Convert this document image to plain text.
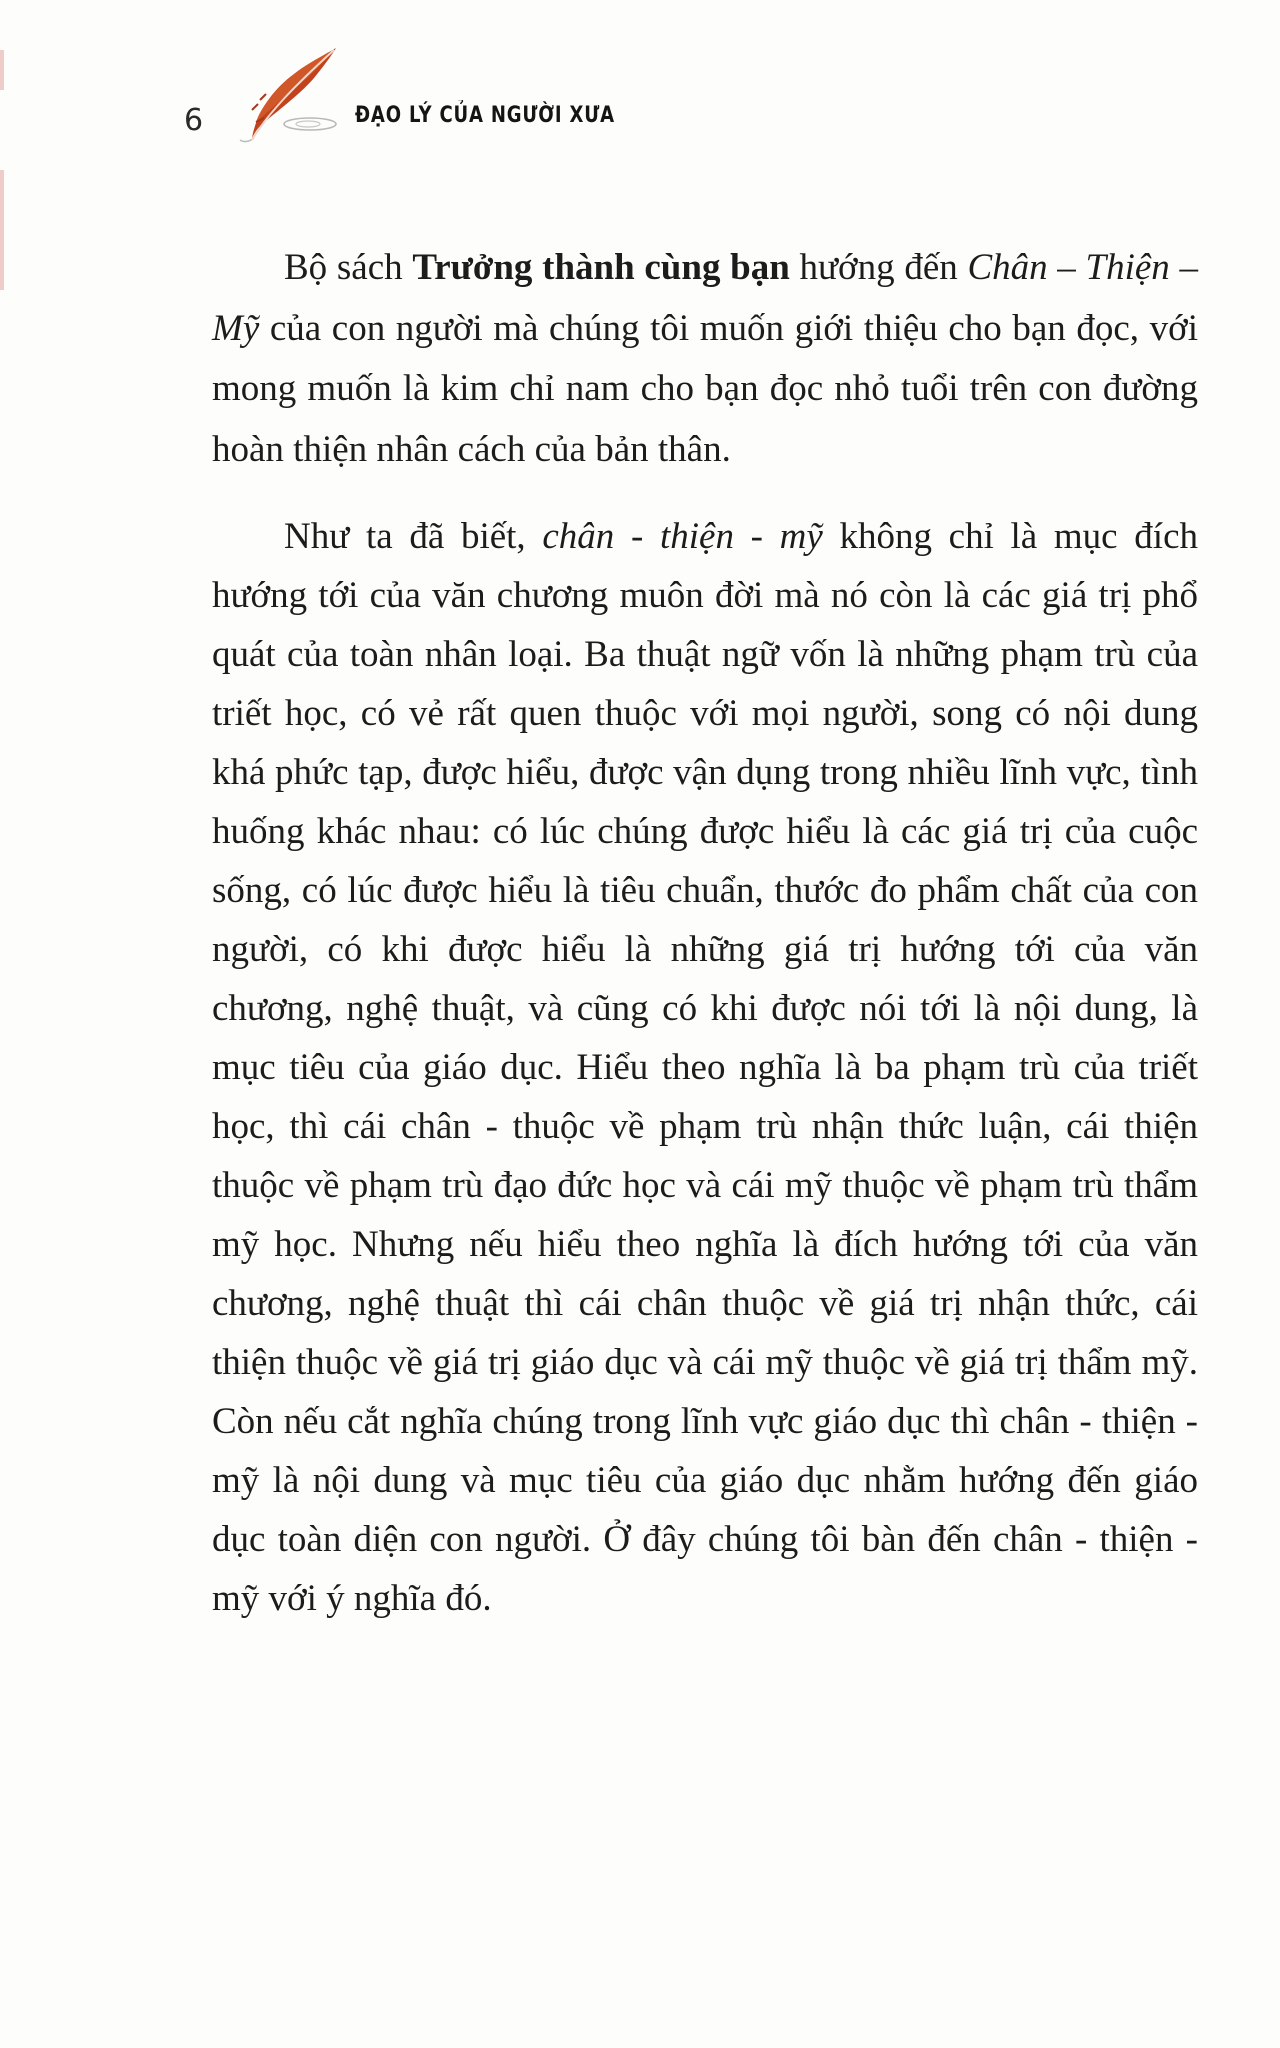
6	ĐẠO LÝ CỦA NGƯỜI XƯA

Bộ sách Trưởng thành cùng bạn hướng đến Chân – Thiện – Mỹ của con người mà chúng tôi muốn giới thiệu cho bạn đọc, với mong muốn là kim chỉ nam cho bạn đọc nhỏ tuổi trên con đường hoàn thiện nhân cách của bản thân.

Như ta đã biết, chân - thiện - mỹ không chỉ là mục đích hướng tới của văn chương muôn đời mà nó còn là các giá trị phổ quát của toàn nhân loại. Ba thuật ngữ vốn là những phạm trù của triết học, có vẻ rất quen thuộc với mọi người, song có nội dung khá phức tạp, được hiểu, được vận dụng trong nhiều lĩnh vực, tình huống khác nhau: có lúc chúng được hiểu là các giá trị của cuộc sống, có lúc được hiểu là tiêu chuẩn, thước đo phẩm chất của con người, có khi được hiểu là những giá trị hướng tới của văn chương, nghệ thuật, và cũng có khi được nói tới là nội dung, là mục tiêu của giáo dục. Hiểu theo nghĩa là ba phạm trù của triết học, thì cái chân - thuộc về phạm trù nhận thức luận, cái thiện thuộc về phạm trù đạo đức học và cái mỹ thuộc về phạm trù thẩm mỹ học. Nhưng nếu hiểu theo nghĩa là đích hướng tới của văn chương, nghệ thuật thì cái chân thuộc về giá trị nhận thức, cái thiện thuộc về giá trị giáo dục và cái mỹ thuộc về giá trị thẩm mỹ. Còn nếu cắt nghĩa chúng trong lĩnh vực giáo dục thì chân - thiện - mỹ là nội dung và mục tiêu của giáo dục nhằm hướng đến giáo dục toàn diện con người. Ở đây chúng tôi bàn đến chân - thiện - mỹ với ý nghĩa đó.
